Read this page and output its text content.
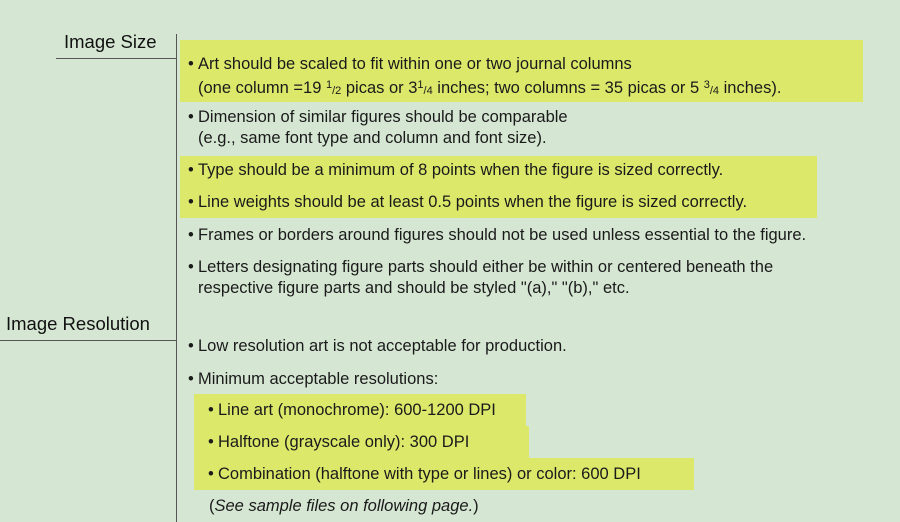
Image Size
Image Resolution
• Art should be scaled to fit within one or two journal columns
(one column =19 $^1_{/2}$ picas or $3^1_{/4}$ inches; two columns = 35 picas or 5 $^3_{/4}$ inches).
• Dimension of similar figures should be comparable
(e.g., same font type and column and font size).
• Type should be a minimum of 8 points when the figure is sized correctly.
• Line weights should be at least 0.5 points when the figure is sized correctly.
• Frames or borders around figures should not be used unless essential to the figure.
• Letters designating figure parts should either be within or centered beneath the
respective figure parts and should be styled "(a)," "(b)," etc.
• Low resolution art is not acceptable for production.
• Minimum acceptable resolutions:
• Line art (monochrome): 600-1200 DPI
• Halftone (grayscale only): 300 DPI
• Combination (halftone with type or lines) or color: 600 DPI
(See sample files on following page.)
